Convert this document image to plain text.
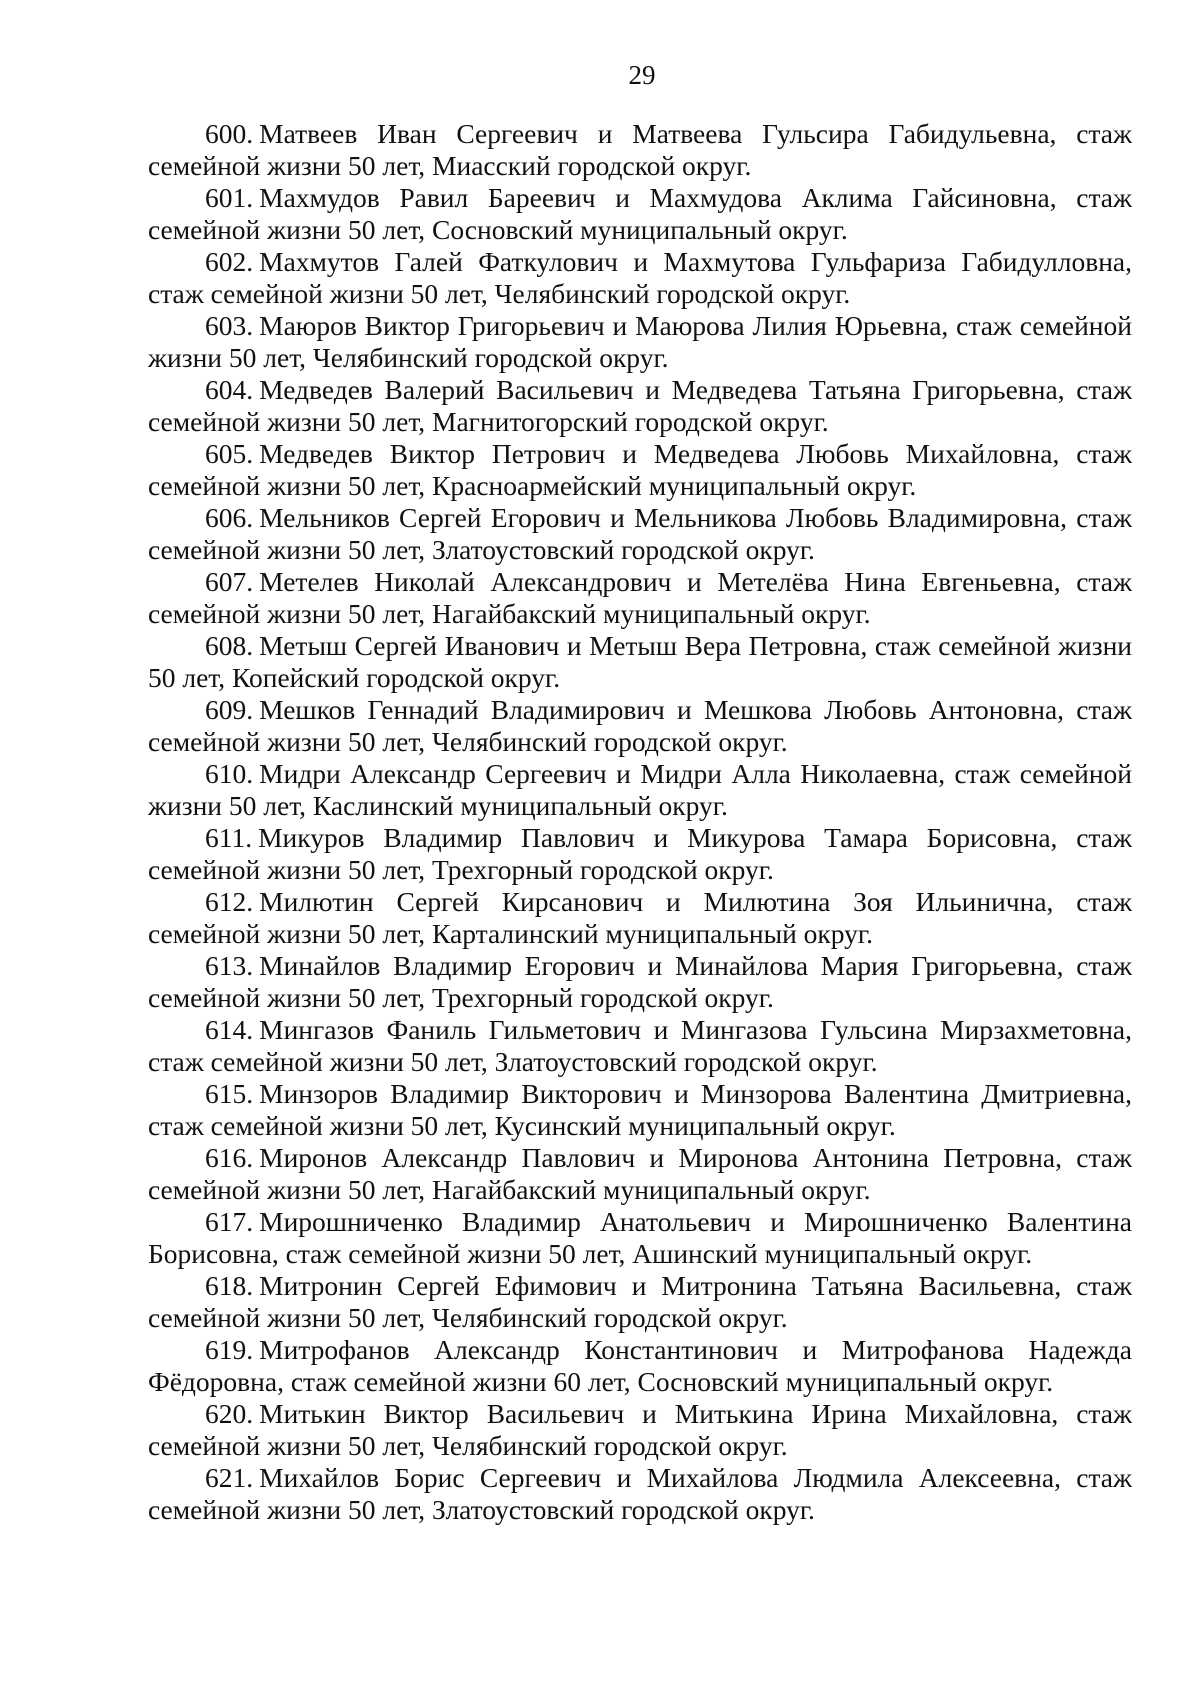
29

600. Матвеев Иван Сергеевич и Матвеева Гульсира Габидульевна, стаж семейной жизни 50 лет, Миасский городской округ.

601. Махмудов Равил Бареевич и Махмудова Аклима Гайсиновна, стаж семейной жизни 50 лет, Сосновский муниципальный округ.

602. Махмутов Галей Фаткулович и Махмутова Гульфариза Габидулловна, стаж семейной жизни 50 лет, Челябинский городской округ.

603. Маюров Виктор Григорьевич и Маюрова Лилия Юрьевна, стаж семейной жизни 50 лет, Челябинский городской округ.

604. Медведев Валерий Васильевич и Медведева Татьяна Григорьевна, стаж семейной жизни 50 лет, Магнитогорский городской округ.

605. Медведев Виктор Петрович и Медведева Любовь Михайловна, стаж семейной жизни 50 лет, Красноармейский муниципальный округ.

606. Мельников Сергей Егорович и Мельникова Любовь Владимировна, стаж семейной жизни 50 лет, Златоустовский городской округ.

607. Метелев Николай Александрович и Метелёва Нина Евгеньевна, стаж семейной жизни 50 лет, Нагайбакский муниципальный округ.

608. Метыш Сергей Иванович и Метыш Вера Петровна, стаж семейной жизни 50 лет, Копейский городской округ.

609. Мешков Геннадий Владимирович и Мешкова Любовь Антоновна, стаж семейной жизни 50 лет, Челябинский городской округ.

610. Мидри Александр Сергеевич и Мидри Алла Николаевна, стаж семейной жизни 50 лет, Каслинский муниципальный округ.

611. Микуров Владимир Павлович и Микурова Тамара Борисовна, стаж семейной жизни 50 лет, Трехгорный городской округ.

612. Милютин Сергей Кирсанович и Милютина Зоя Ильинична, стаж семейной жизни 50 лет, Карталинский муниципальный округ.

613. Минайлов Владимир Егорович и Минайлова Мария Григорьевна, стаж семейной жизни 50 лет, Трехгорный городской округ.

614. Мингазов Фаниль Гильметович и Мингазова Гульсина Мирзахметовна, стаж семейной жизни 50 лет, Златоустовский городской округ.

615. Минзоров Владимир Викторович и Минзорова Валентина Дмитриевна, стаж семейной жизни 50 лет, Кусинский муниципальный округ.

616. Миронов Александр Павлович и Миронова Антонина Петровна, стаж семейной жизни 50 лет, Нагайбакский муниципальный округ.

617. Мирошниченко Владимир Анатольевич и Мирошниченко Валентина Борисовна, стаж семейной жизни 50 лет, Ашинский муниципальный округ.

618. Митронин Сергей Ефимович и Митронина Татьяна Васильевна, стаж семейной жизни 50 лет, Челябинский городской округ.

619. Митрофанов Александр Константинович и Митрофанова Надежда Фёдоровна, стаж семейной жизни 60 лет, Сосновский муниципальный округ.

620. Митькин Виктор Васильевич и Митькина Ирина Михайловна, стаж семейной жизни 50 лет, Челябинский городской округ.

621. Михайлов Борис Сергеевич и Михайлова Людмила Алексеевна, стаж семейной жизни 50 лет, Златоустовский городской округ.
